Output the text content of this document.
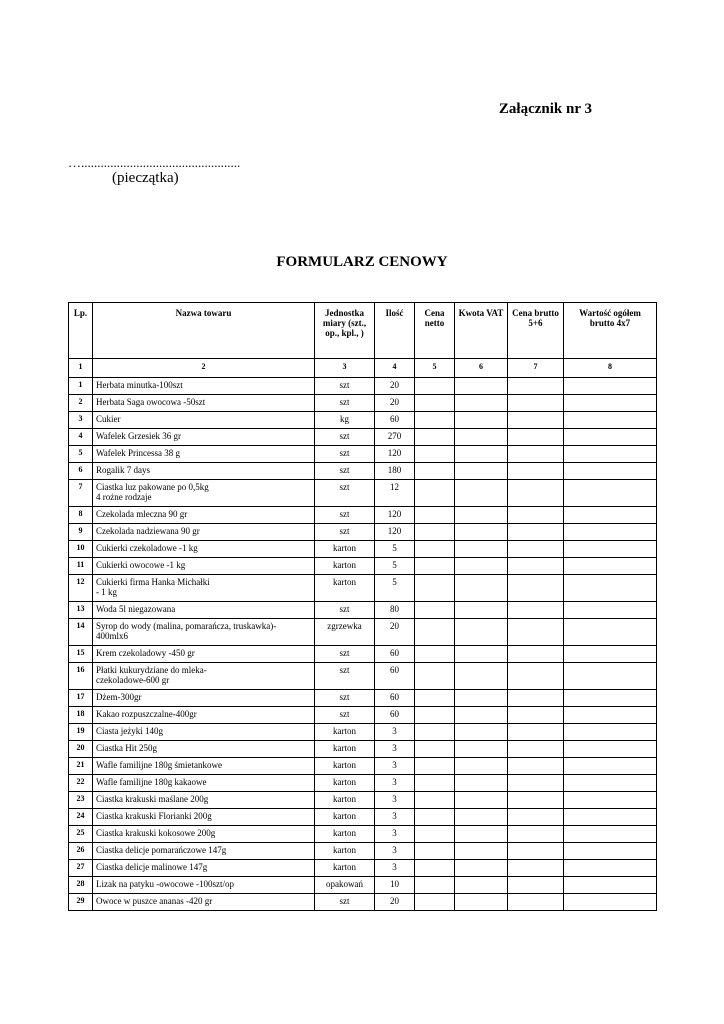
Załącznik nr 3
….................................................
(pieczątka)
FORMULARZ CENOWY
Lp.	Nazwa towaru	Jednostka miary (szt., op., kpl., )	Ilość	Cena netto	Kwota VAT	Cena brutto 5+6	Wartość ogółem brutto 4x7
1	2	3	4	5	6	7	8
1	Herbata minutka-100szt	szt	20				
2	Herbata Saga owocowa -50szt	szt	20				
3	Cukier	kg	60				
4	Wafelek Grzesiek 36 gr	szt	270				
5	Wafelek Princessa 38 g	szt	120				
6	Rogalik 7 days	szt	180				
7	Ciastka luz pakowane po 0,5kg
4 rożne rodzaje	szt	12				
8	Czekolada mleczna 90 gr	szt	120				
9	Czekolada nadziewana 90 gr	szt	120				
10	Cukierki czekoladowe -1 kg	karton	5				
11	Cukierki owocowe -1 kg	karton	5				
12	Cukierki firma Hanka Michałki
- 1 kg	karton	5				
13	Woda 5l niegazowana	szt	80				
14	Syrop do wody (malina, pomarańcza, truskawka)-
400mlx6	zgrzewka	20				
15	Krem czekoladowy -450 gr	szt	60				
16	Płatki kukurydziane do mleka-
czekoladowe-600 gr	szt	60				
17	Dżem-300gr	szt	60				
18	Kakao rozpuszczalne-400gr	szt	60				
19	Ciasta jeżyki 140g	karton	3				
20	Ciastka Hit 250g	karton	3				
21	Wafle familijne 180g śmietankowe	karton	3				
22	Wafle familijne 180g kakaowe	karton	3				
23	Ciastka krakuski maślane 200g	karton	3				
24	Ciastka krakuski Florianki 200g	karton	3				
25	Ciastka krakuski kokosowe 200g	karton	3				
26	Ciastka delicje pomarańczowe 147g	karton	3				
27	Ciastka delicje malinowe 147g	karton	3				
28	Lizak na patyku -owocowe -100szt/op	opakowań	10				
29	Owoce w puszce ananas -420 gr	szt	20				
